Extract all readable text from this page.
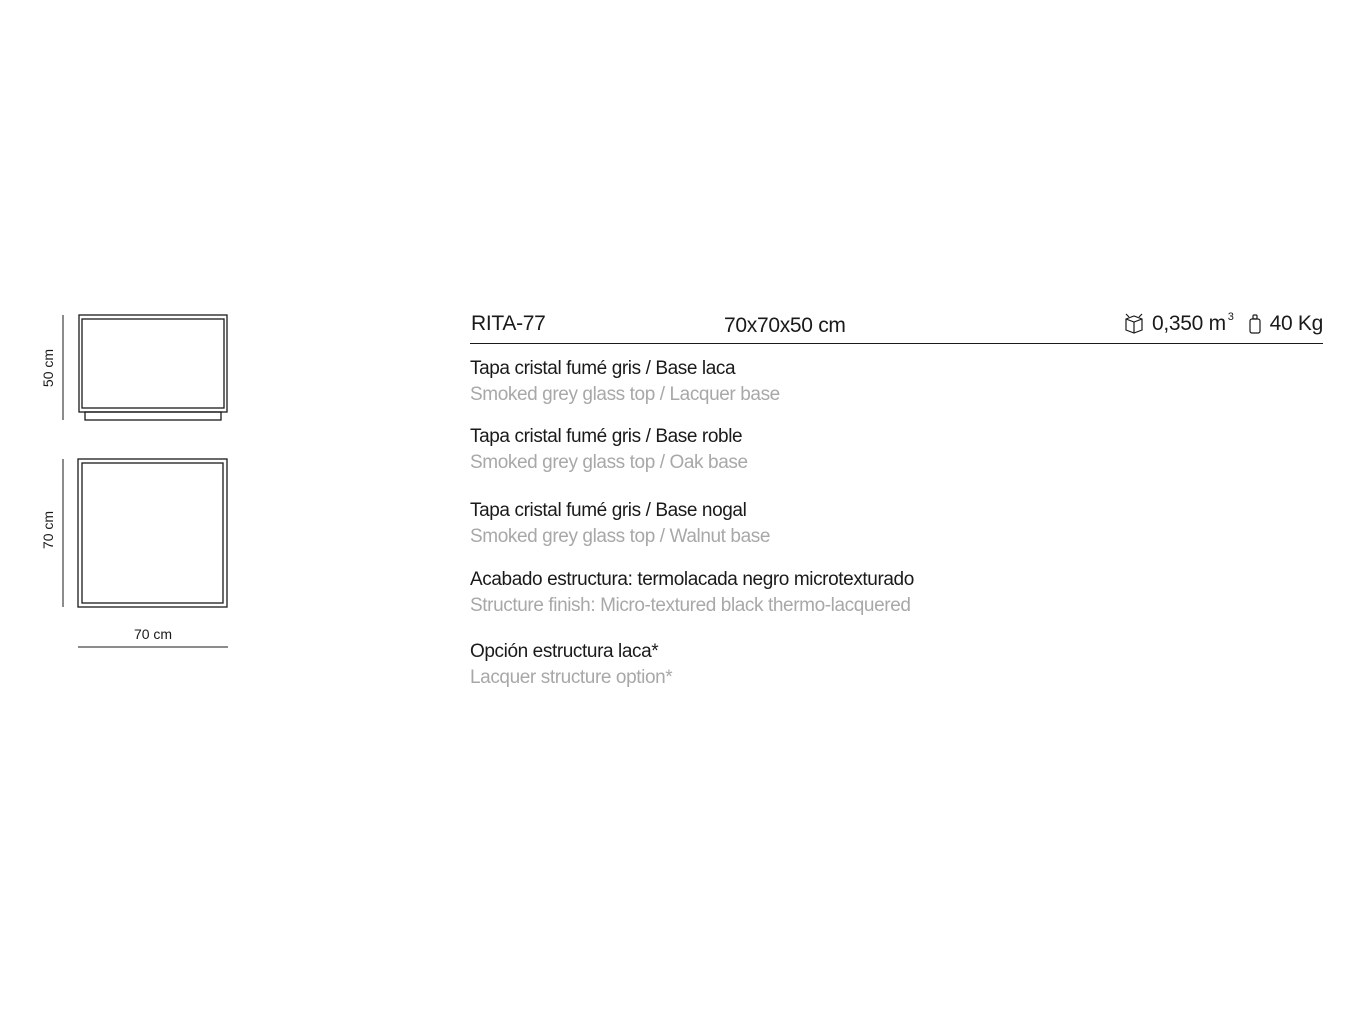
50 cm
70 cm
70 cm
RITA-77	70x70x50 cm	0,350 m $^3$ 40 Kg
Tapa cristal fumé gris / Base laca
Smoked grey glass top / Lacquer base
Tapa cristal fumé gris / Base roble
Smoked grey glass top / Oak base
Tapa cristal fumé gris / Base nogal
Smoked grey glass top / Walnut base
Acabado estructura: termolacada negro microtexturado
Structure finish: Micro-textured black thermo-lacquered
Opción estructura laca*
Lacquer structure option*
